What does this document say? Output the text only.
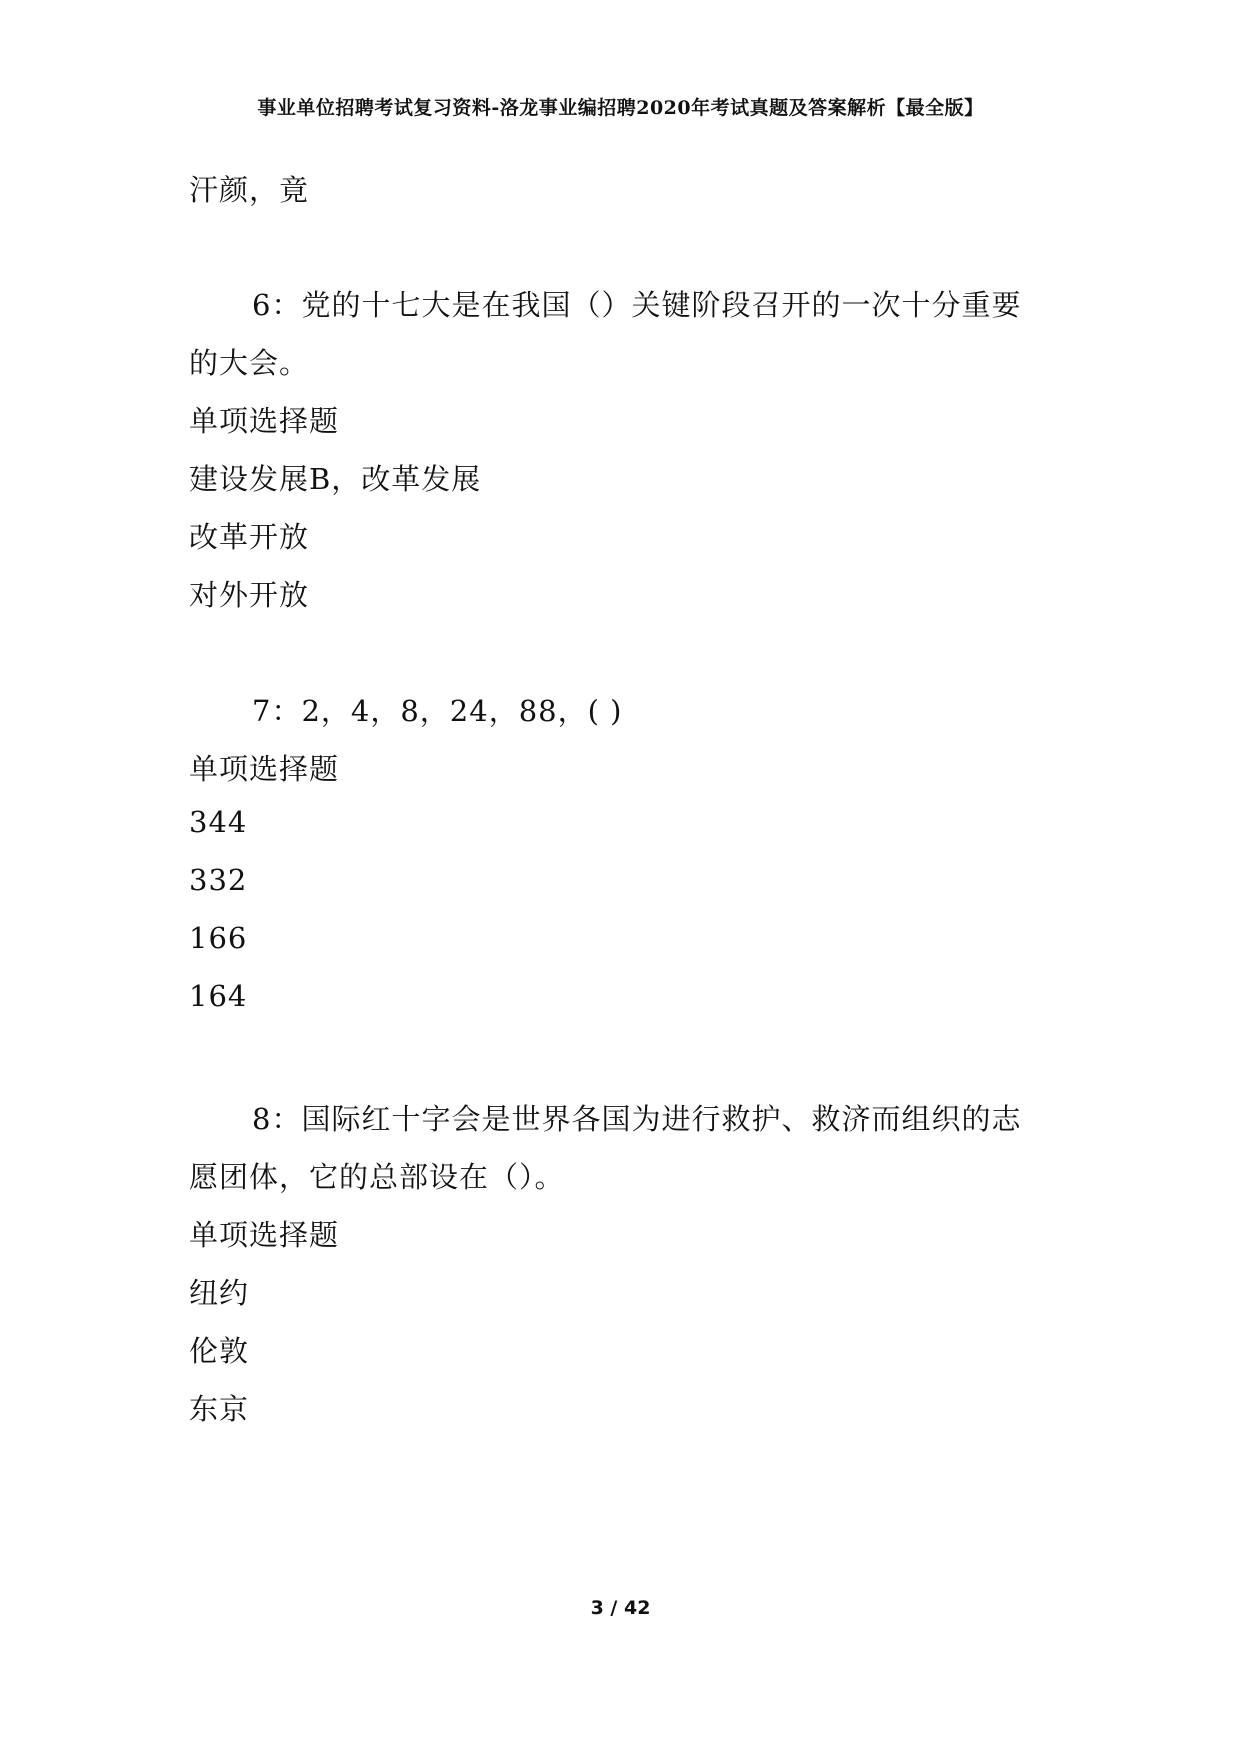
事业单位招聘考试复习资料-洛龙事业编招聘2020年考试真题及答案解析【最全版】
汗颜，竟
6：党的十七大是在我国（）关键阶段召开的一次十分重要
的大会。
单项选择题
建设发展B，改革发展
改革开放
对外开放
7：2，4，8，24，88，( )
单项选择题
344
332
166
164
8：国际红十字会是世界各国为进行救护、救济而组织的志
愿团体，它的总部设在（）。
单项选择题
纽约
伦敦
东京
3 / 42
